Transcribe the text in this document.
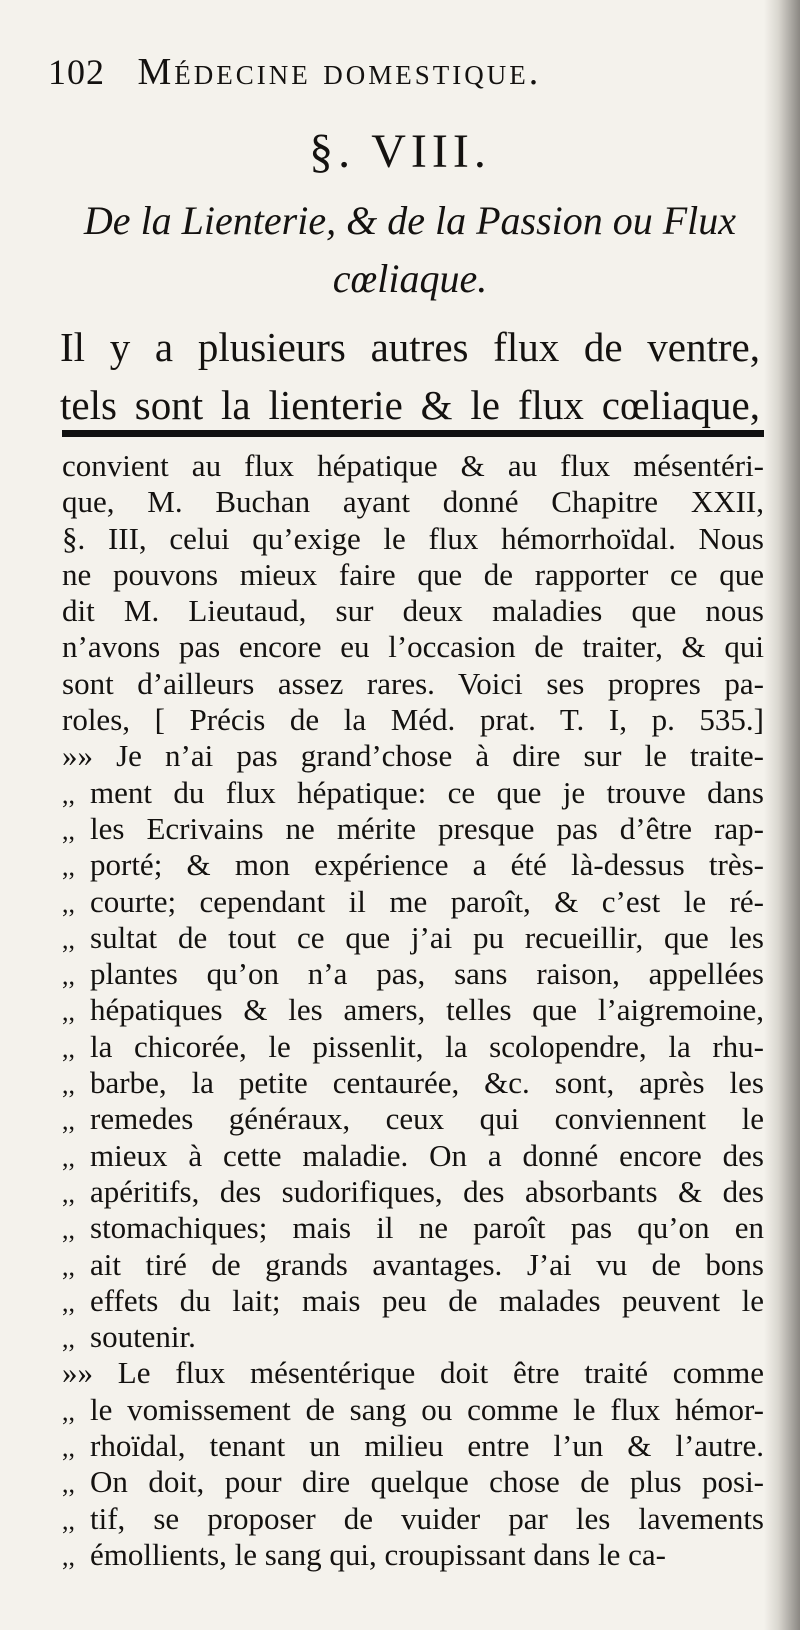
102 Médecine domestique.
§. VIII.
De la Lienterie, & de la Passion ou Flux
cœliaque.
Il y a plusieurs autres flux de ventre,
tels sont la lienterie & le flux cœliaque,
convient au flux hépatique & au flux mésentéri-
que, M. Buchan ayant donné Chapitre XXII,
§. III, celui qu’exige le flux hémorrhoïdal. Nous
ne pouvons mieux faire que de rapporter ce que
dit M. Lieutaud, sur deux maladies que nous
n’avons pas encore eu l’occasion de traiter, & qui
sont d’ailleurs assez rares. Voici ses propres pa-
roles, [ Précis de la Méd. prat. T. I, p. 535.]
»» Je n’ai pas grand’chose à dire sur le traite-
,, ment du flux hépatique: ce que je trouve dans
,, les Ecrivains ne mérite presque pas d’être rap-
,, porté; & mon expérience a été là-dessus très-
,, courte; cependant il me paroît, & c’est le ré-
,, sultat de tout ce que j’ai pu recueillir, que les
,, plantes qu’on n’a pas, sans raison, appellées
,, hépatiques & les amers, telles que l’aigremoine,
,, la chicorée, le pissenlit, la scolopendre, la rhu-
,, barbe, la petite centaurée, &c. sont, après les
,, remedes généraux, ceux qui conviennent le
,, mieux à cette maladie. On a donné encore des
,, apéritifs, des sudorifiques, des absorbants & des
,, stomachiques; mais il ne paroît pas qu’on en
,, ait tiré de grands avantages. J’ai vu de bons
,, effets du lait; mais peu de malades peuvent le
,, soutenir.
»» Le flux mésentérique doit être traité comme
,, le vomissement de sang ou comme le flux hémor-
,, rhoïdal, tenant un milieu entre l’un & l’autre.
,, On doit, pour dire quelque chose de plus posi-
,, tif, se proposer de vuider par les lavements
,, émollients, le sang qui, croupissant dans le ca-
